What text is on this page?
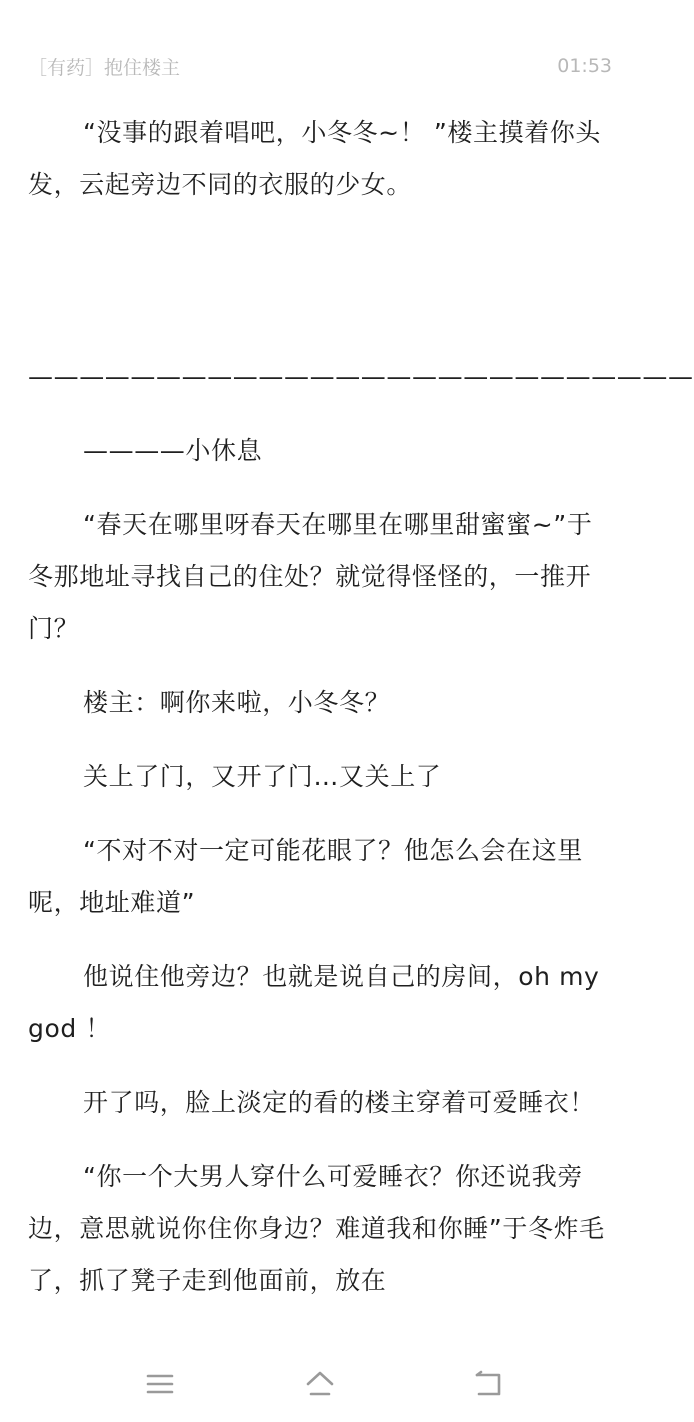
［有药］抱住楼主	01:53

“没事的跟着唱吧，小冬冬~！ ”楼主摸着你头发，云起旁边不同的衣服的少女。

——————————————————————————

————小休息

“春天在哪里呀春天在哪里在哪里甜蜜蜜~”于冬那地址寻找自己的住处？就觉得怪怪的，一推开门？

楼主：啊你来啦，小冬冬？

关上了门，又开了门…又关上了

“不对不对一定可能花眼了？他怎么会在这里呢，地址难道”

他说住他旁边？也就是说自己的房间，oh my god ！

开了吗，脸上淡定的看的楼主穿着可爱睡衣！

“你一个大男人穿什么可爱睡衣？你还说我旁边，意思就说你住你身边？难道我和你睡”于冬炸毛了，抓了凳子走到他面前，放在
